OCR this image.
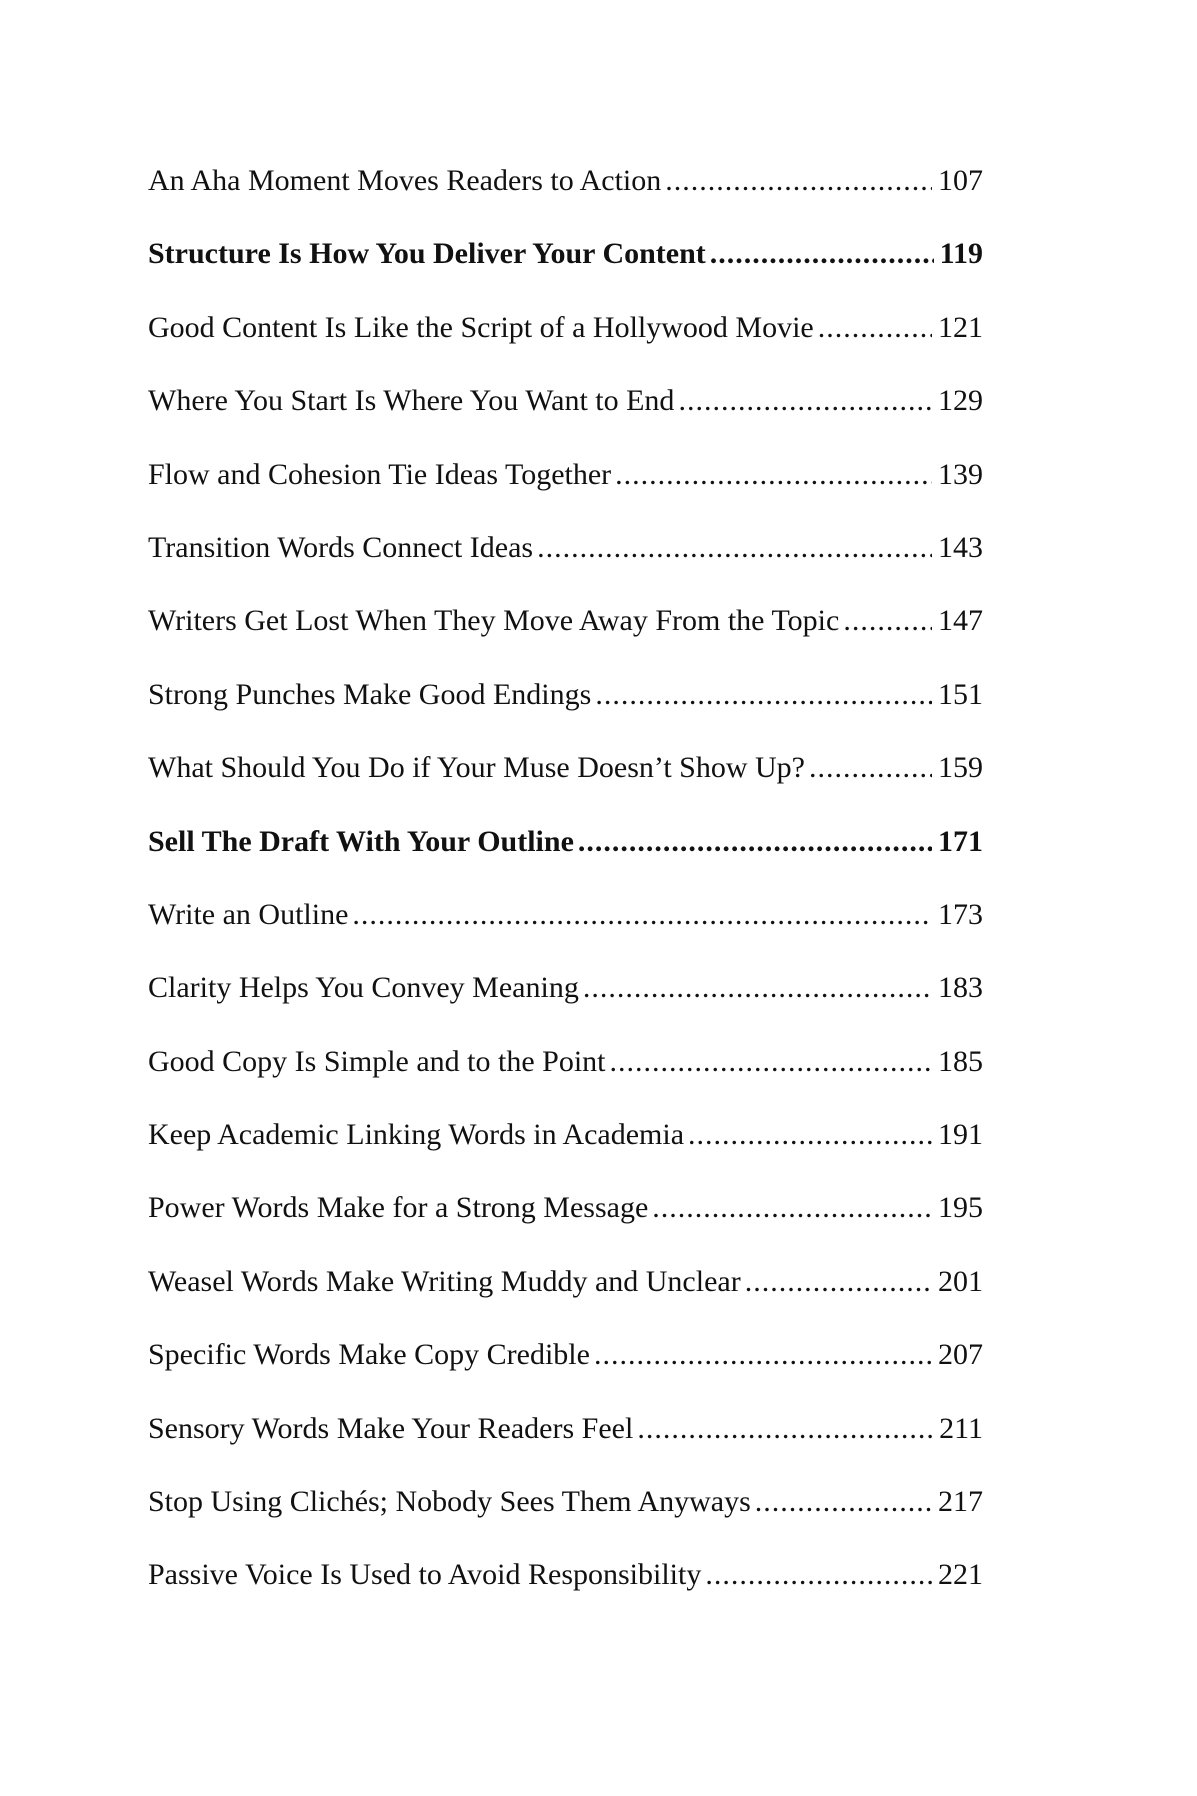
An Aha Moment Moves Readers to Action .....	107
Structure Is How You Deliver Your Content .....	119
Good Content Is Like the Script of a Hollywood Movie .....	121
Where You Start Is Where You Want to End .....	129
Flow and Cohesion Tie Ideas Together .....	139
Transition Words Connect Ideas .....	143
Writers Get Lost When They Move Away From the Topic .....	147
Strong Punches Make Good Endings .....	151
What Should You Do if Your Muse Doesn’t Show Up? .....	159
Sell The Draft With Your Outline .....	171
Write an Outline .....	173
Clarity Helps You Convey Meaning .....	183
Good Copy Is Simple and to the Point .....	185
Keep Academic Linking Words in Academia .....	191
Power Words Make for a Strong Message .....	195
Weasel Words Make Writing Muddy and Unclear .....	201
Specific Words Make Copy Credible .....	207
Sensory Words Make Your Readers Feel .....	211
Stop Using Clichés; Nobody Sees Them Anyways .....	217
Passive Voice Is Used to Avoid Responsibility .....	221
